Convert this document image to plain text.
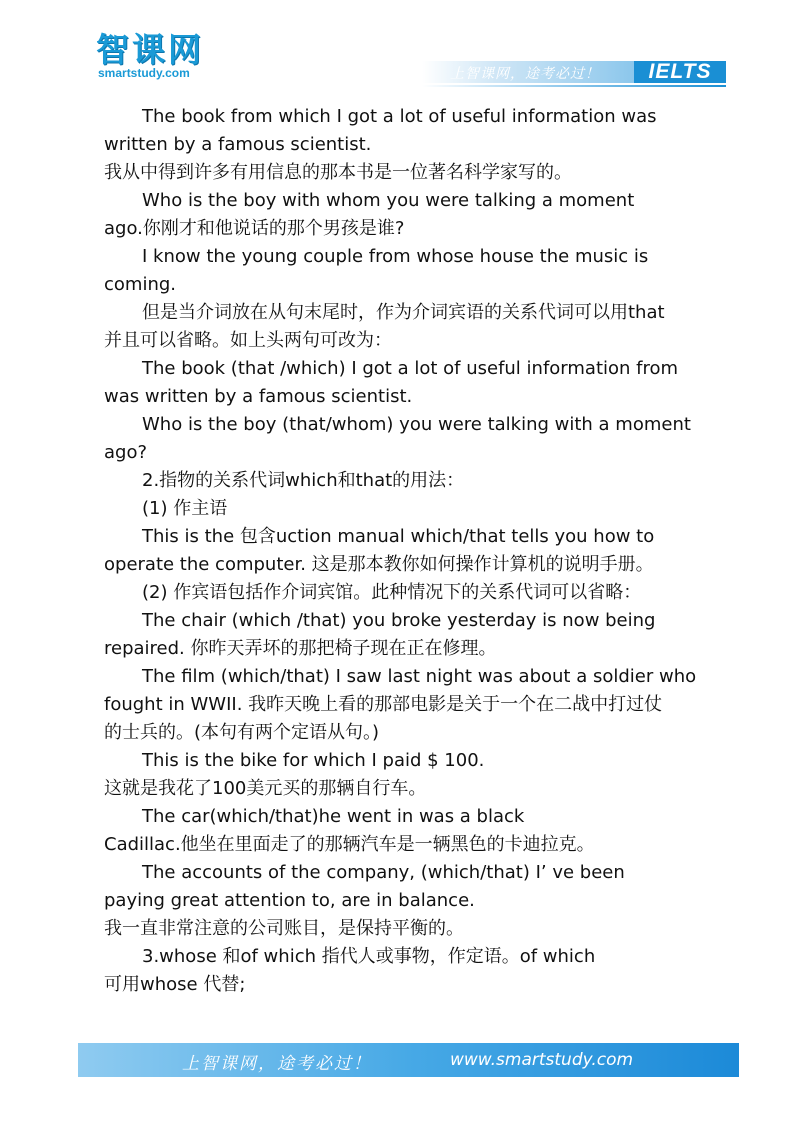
智课网
smartstudy.com	上智课网，途考必过！	IELTS

The book from which I got a lot of useful information was

written by a famous scientist.

我从中得到许多有用信息的那本书是一位著名科学家写的。

Who is the boy with whom you were talking a moment

ago.你刚才和他说话的那个男孩是谁?

I know the young couple from whose house the music is

coming.

但是当介词放在从句末尾时，作为介词宾语的关系代词可以用that

并且可以省略。如上头两句可改为：

The book (that /which) I got a lot of useful information from

was written by a famous scientist.

Who is the boy (that/whom) you were talking with a moment

ago?

2.指物的关系代词which和that的用法：

(1) 作主语

This is the 包含uction manual which/that tells you how to

operate the computer. 这是那本教你如何操作计算机的说明手册。

(2) 作宾语包括作介词宾馆。此种情况下的关系代词可以省略：

The chair (which /that) you broke yesterday is now being

repaired. 你昨天弄坏的那把椅子现在正在修理。

The film (which/that) I saw last night was about a soldier who

fought in WWII. 我昨天晚上看的那部电影是关于一个在二战中打过仗

的士兵的。(本句有两个定语从句。)

This is the bike for which I paid $ 100.

这就是我花了100美元买的那辆自行车。

The car(which/that)he went in was a black

Cadillac.他坐在里面走了的那辆汽车是一辆黑色的卡迪拉克。

The accounts of the company, (which/that) I’ ve been

paying great attention to, are in balance.

我一直非常注意的公司账目，是保持平衡的。

3.whose 和of which 指代人或事物，作定语。of which

可用whose 代替;

上智课网，途考必过！	www.smartstudy.com
